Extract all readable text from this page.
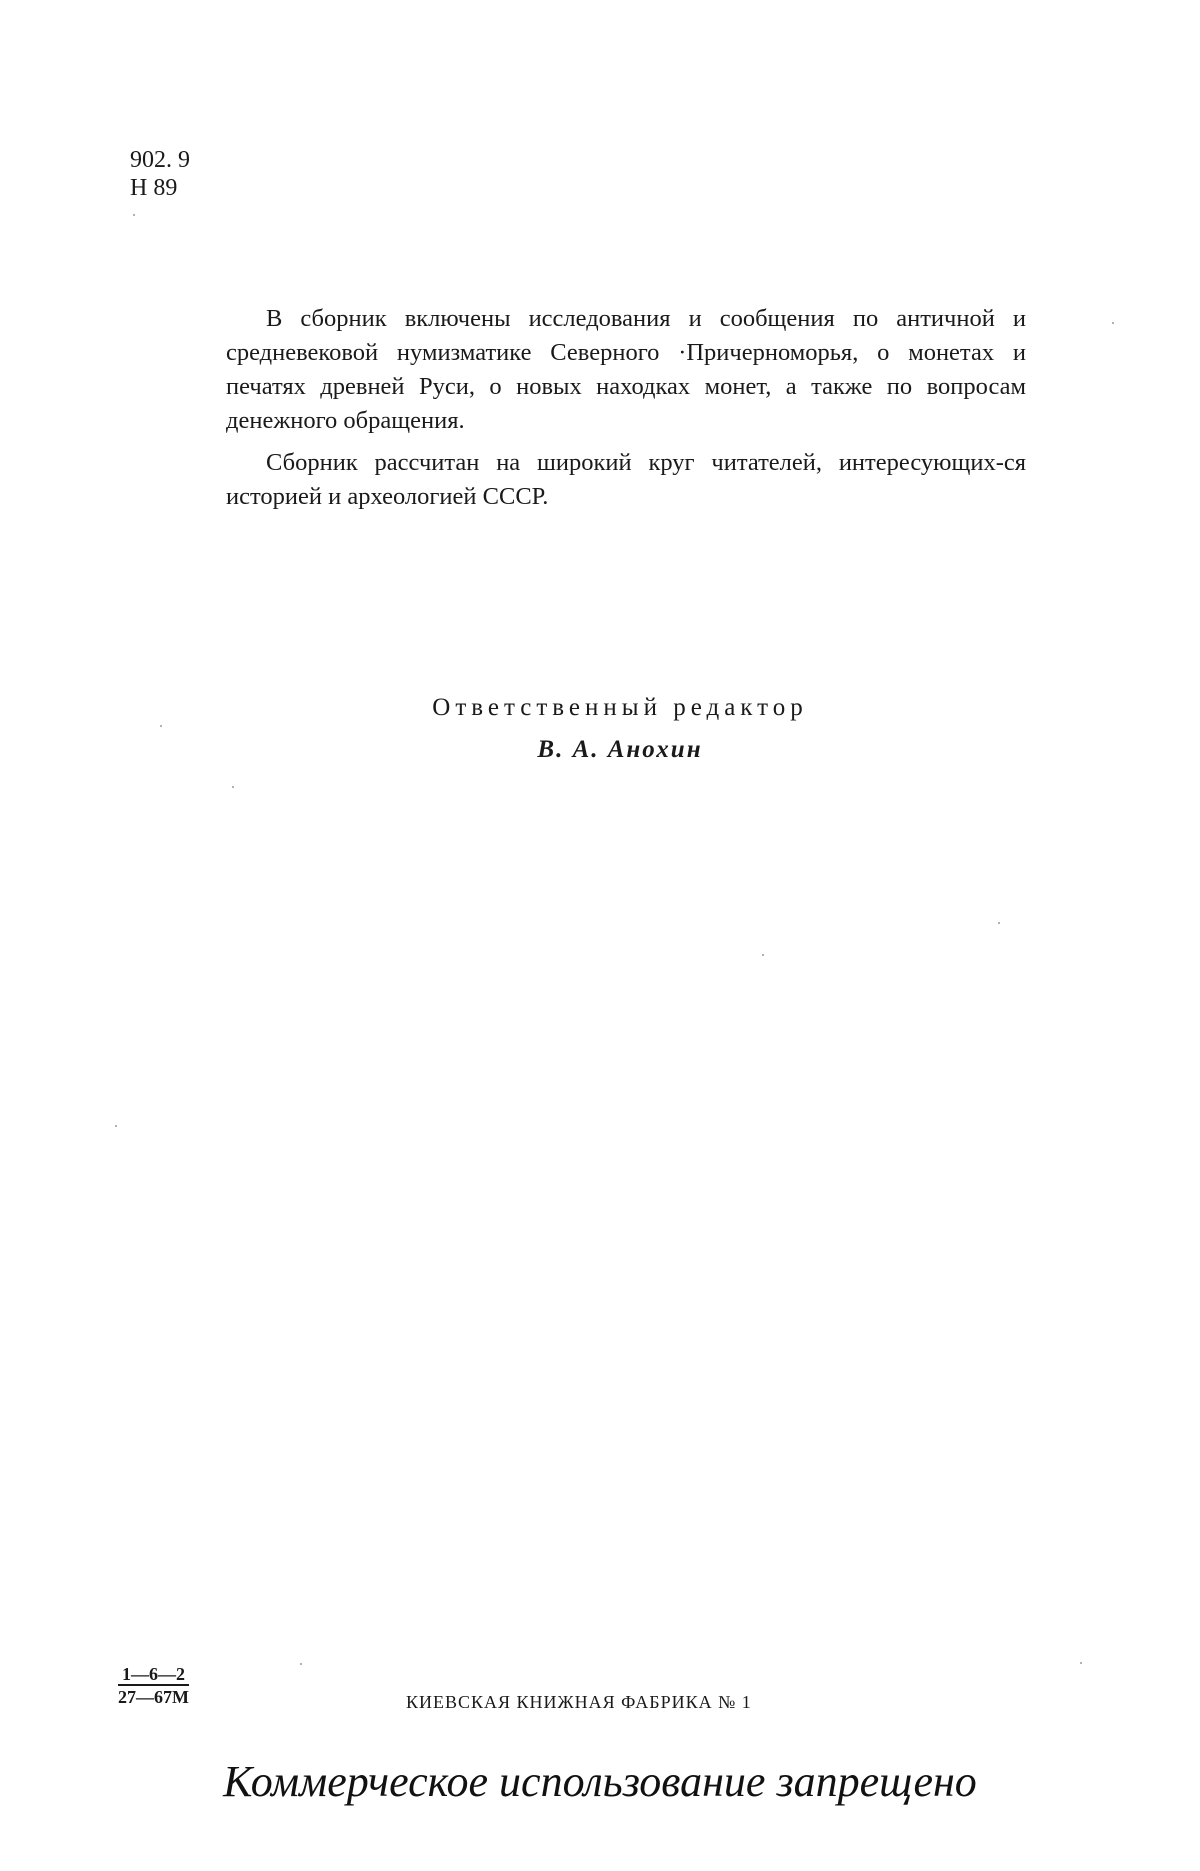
902. 9
Н 89

В сборник включены исследования и сообщения по античной и средневековой нумизматике Северного ·Причерноморья, о монетах и печатях древней Руси, о новых находках монет, а также по вопросам денежного обращения.

Сборник рассчитан на широкий круг читателей, интересующих-ся историей и археологией СССР.

Ответственный редактор
В. А. Анохин
1—6—2
27—67М	КИЕВСКАЯ КНИЖНАЯ ФАБРИКА № 1
Коммерческое использование запрещено
